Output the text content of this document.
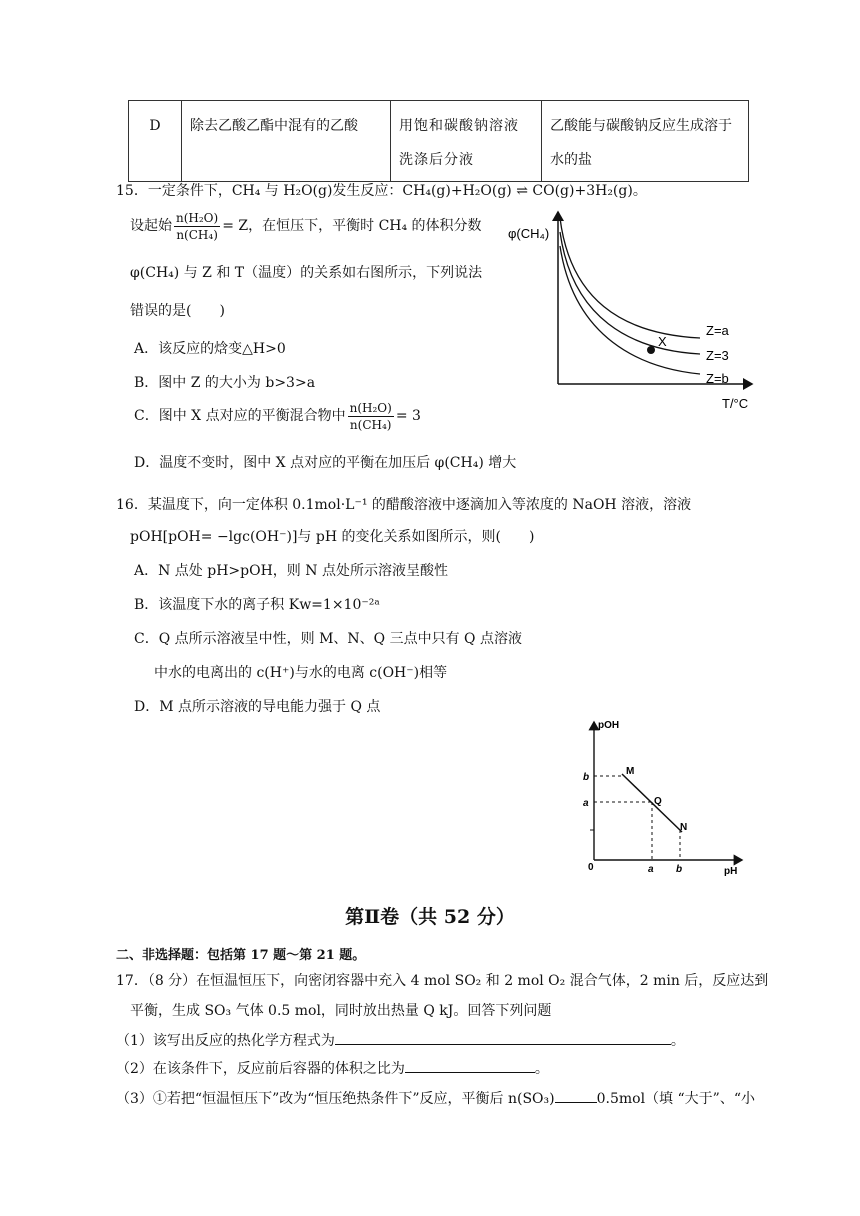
D	除去乙酸乙酯中混有的乙酸	用饱和碳酸钠溶液洗涤后分液	乙酸能与碳酸钠反应生成溶于水的盐
15．一定条件下，CH₄ 与 H₂O(g)发生反应：CH₄(g)+H₂O(g) ⇌ CO(g)+3H₂(g)。
设起始 $\frac{\text{n(H₂O)}}{\text{n(CH₄)}} = Z$，在恒压下，平衡时 CH₄ 的体积分数
φ(CH₄) 与 Z 和 T（温度）的关系如右图所示，下列说法
错误的是(　　)
A．该反应的焓变△H>0
B．图中 Z 的大小为 b>3>a
C．图中 X 点对应的平衡混合物中 $\frac{\text{n(H₂O)}}{\text{n(CH₄)}} = 3$
D．温度不变时，图中 X 点对应的平衡在加压后 φ(CH₄) 增大
φ(CH₄)
T/°C
X
Z=a
Z=3
Z=b
16．某温度下，向一定体积 0.1mol·L⁻¹ 的醋酸溶液中逐滴加入等浓度的 NaOH 溶液，溶液
pOH[pOH= −lgc(OH⁻)]与 pH 的变化关系如图所示，则(　　)
A．N 点处 pH>pOH，则 N 点处所示溶液呈酸性
B．该温度下水的离子积 Kw=1×10⁻²ᵃ
C．Q 点所示溶液呈中性，则 M、N、Q 三点中只有 Q 点溶液
中水的电离出的 c(H⁺)与水的电离 c(OH⁻)相等
D．M 点所示溶液的导电能力强于 Q 点
pOH
pH
0
b
a
a b
M
Q
N
第Ⅱ卷（共 52 分）
二、非选择题：包括第 17 题～第 21 题。
17．（8 分）在恒温恒压下，向密闭容器中充入 4 mol SO₂ 和 2 mol O₂ 混合气体，2 min 后，反应达到
平衡，生成 SO₃ 气体 0.5 mol，同时放出热量 Q kJ。回答下列问题
（1）该写出反应的热化学方程式为	。
（2）在该条件下，反应前后容器的体积之比为	。
（3）①若把“恒温恒压下”改为“恒压绝热条件下”反应，平衡后 n(SO₃)	0.5mol（填 “大于”、“小
